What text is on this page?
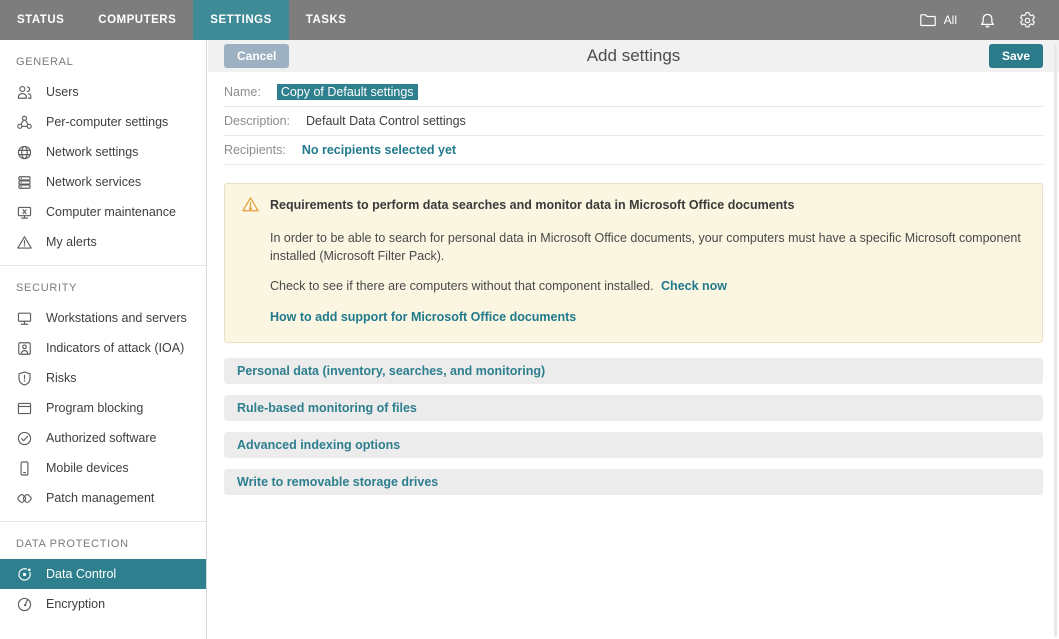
STATUS	COMPUTERS	SETTINGS	TASKS	All
GENERAL
Users
Per-computer settings
Network settings
Network services
Computer maintenance
My alerts
SECURITY
Workstations and servers
Indicators of attack (IOA)
Risks
Program blocking
Authorized software
Mobile devices
Patch management
DATA PROTECTION
Data Control
Encryption
Add settings
Cancel	Save
Name:	Copy of Default settings
Description: Default Data Control settings
Recipients: No recipients selected yet
Requirements to perform data searches and monitor data in Microsoft Office documents
In order to be able to search for personal data in Microsoft Office documents, your computers must have a specific Microsoft component installed (Microsoft Filter Pack).
Check to see if there are computers without that component installed. Check now
How to add support for Microsoft Office documents
Personal data (inventory, searches, and monitoring)
Rule-based monitoring of files
Advanced indexing options
Write to removable storage drives
